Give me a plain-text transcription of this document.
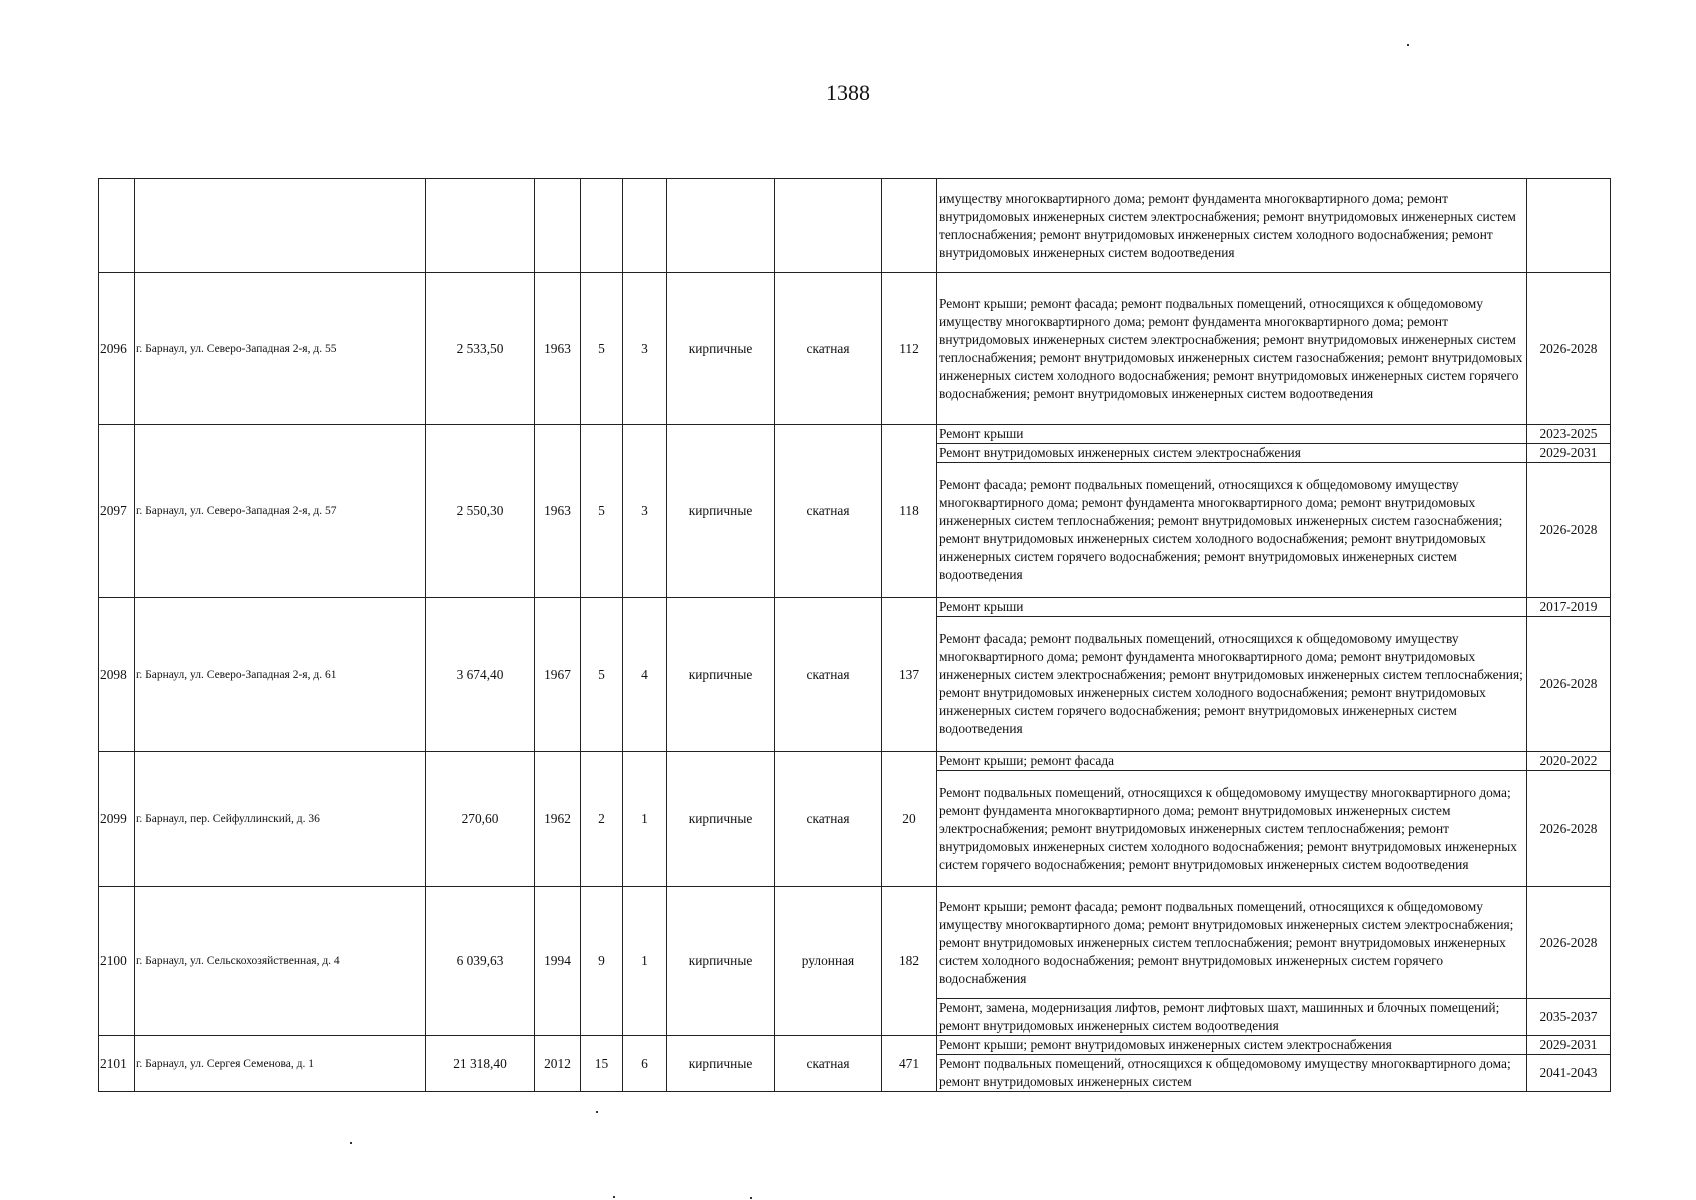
1388
									имуществу многоквартирного дома; ремонт фундамента многоквартирного дома; ремонт внутридомовых инженерных систем электроснабжения; ремонт внутридомовых инженерных систем теплоснабжения; ремонт внутридомовых инженерных систем холодного водоснабжения; ремонт внутридомовых инженерных систем водоотведения	
2096	г. Барнаул, ул. Северо-Западная 2-я, д. 55	2 533,50	1963	5	3	кирпичные	скатная	112	Ремонт крыши; ремонт фасада; ремонт подвальных помещений, относящихся к общедомовому имуществу многоквартирного дома; ремонт фундамента многоквартирного дома; ремонт внутридомовых инженерных систем электроснабжения; ремонт внутридомовых инженерных систем теплоснабжения; ремонт внутридомовых инженерных систем газоснабжения; ремонт внутридомовых инженерных систем холодного водоснабжения; ремонт внутридомовых инженерных систем горячего водоснабжения; ремонт внутридомовых инженерных систем водоотведения	2026-2028
2097	г. Барнаул, ул. Северо-Западная 2-я, д. 57	2 550,30	1963	5	3	кирпичные	скатная	118	Ремонт крыши	2023-2025
									Ремонт внутридомовых инженерных систем электроснабжения	2029-2031
									Ремонт фасада; ремонт подвальных помещений, относящихся к общедомовому имуществу многоквартирного дома; ремонт фундамента многоквартирного дома; ремонт внутридомовых инженерных систем теплоснабжения; ремонт внутридомовых инженерных систем газоснабжения; ремонт внутридомовых инженерных систем холодного водоснабжения; ремонт внутридомовых инженерных систем горячего водоснабжения; ремонт внутридомовых инженерных систем водоотведения	2026-2028
2098	г. Барнаул, ул. Северо-Западная 2-я, д. 61	3 674,40	1967	5	4	кирпичные	скатная	137	Ремонт крыши	2017-2019
									Ремонт фасада; ремонт подвальных помещений, относящихся к общедомовому имуществу многоквартирного дома; ремонт фундамента многоквартирного дома; ремонт внутридомовых инженерных систем электроснабжения; ремонт внутридомовых инженерных систем теплоснабжения; ремонт внутридомовых инженерных систем холодного водоснабжения; ремонт внутридомовых инженерных систем горячего водоснабжения; ремонт внутридомовых инженерных систем водоотведения	2026-2028
2099	г. Барнаул, пер. Сейфуллинский, д. 36	270,60	1962	2	1	кирпичные	скатная	20	Ремонт крыши; ремонт фасада	2020-2022
									Ремонт подвальных помещений, относящихся к общедомовому имуществу многоквартирного дома; ремонт фундамента многоквартирного дома; ремонт внутридомовых инженерных систем электроснабжения; ремонт внутридомовых инженерных систем теплоснабжения; ремонт внутридомовых инженерных систем холодного водоснабжения; ремонт внутридомовых инженерных систем горячего водоснабжения; ремонт внутридомовых инженерных систем водоотведения	2026-2028
2100	г. Барнаул, ул. Сельскохозяйственная, д. 4	6 039,63	1994	9	1	кирпичные	рулонная	182	Ремонт крыши; ремонт фасада; ремонт подвальных помещений, относящихся к общедомовому имуществу многоквартирного дома; ремонт внутридомовых инженерных систем электроснабжения; ремонт внутридомовых инженерных систем теплоснабжения; ремонт внутридомовых инженерных систем холодного водоснабжения; ремонт внутридомовых инженерных систем горячего водоснабжения	2026-2028
									Ремонт, замена, модернизация лифтов, ремонт лифтовых шахт, машинных и блочных помещений; ремонт внутридомовых инженерных систем водоотведения	2035-2037
2101	г. Барнаул, ул. Сергея Семенова, д. 1	21 318,40	2012	15	6	кирпичные	скатная	471	Ремонт крыши; ремонт внутридомовых инженерных систем электроснабжения	2029-2031
									Ремонт подвальных помещений, относящихся к общедомовому имуществу многоквартирного дома; ремонт внутридомовых инженерных систем	2041-2043
